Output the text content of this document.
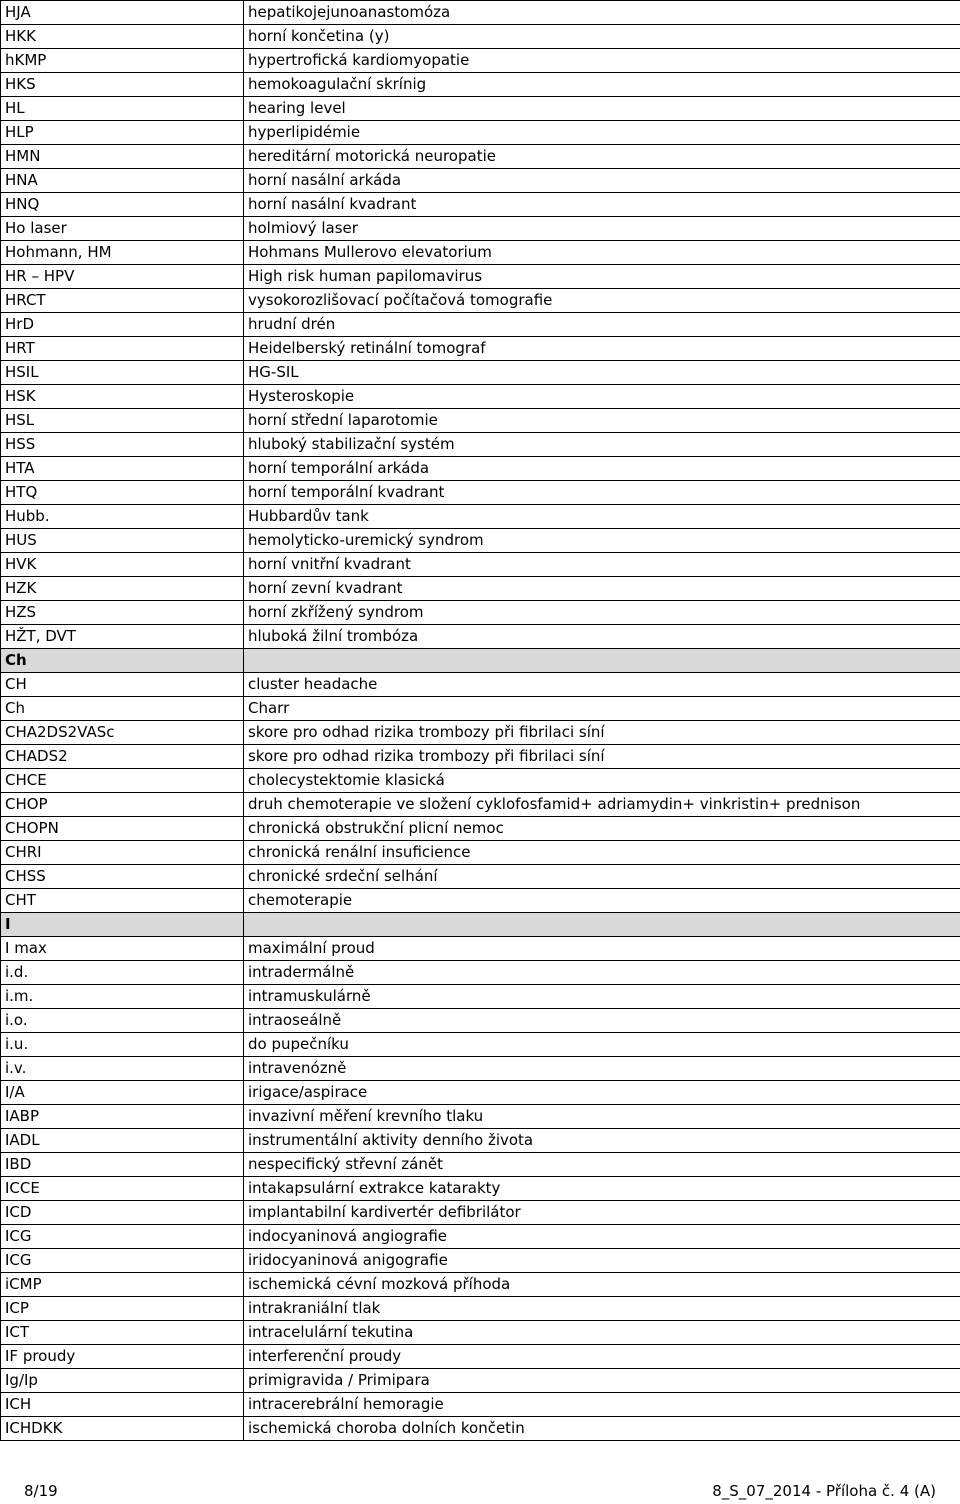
HJA	hepatikojejunoanastomóza
HKK	horní končetina (y)
hKMP	hypertrofická kardiomyopatie
HKS	hemokoagulační skrínig
HL	hearing level
HLP	hyperlipidémie
HMN	hereditární motorická neuropatie
HNA	horní nasální arkáda
HNQ	horní nasální kvadrant
Ho laser	holmiový laser
Hohmann, HM	Hohmans Mullerovo elevatorium
HR – HPV	High risk human papilomavirus
HRCT	vysokorozlišovací počítačová tomografie
HrD	hrudní drén
HRT	Heidelberský retinální tomograf
HSIL	HG-SIL
HSK	Hysteroskopie
HSL	horní střední laparotomie
HSS	hluboký stabilizační systém
HTA	horní temporální arkáda
HTQ	horní temporální kvadrant
Hubb.	Hubbardův tank
HUS	hemolyticko-uremický syndrom
HVK	horní vnitřní kvadrant
HZK	horní zevní kvadrant
HZS	horní zkřížený syndrom
HŽT, DVT	hluboká žilní trombóza
Ch	
CH	cluster headache
Ch	Charr
CHA2DS2VASc	skore pro odhad rizika trombozy při fibrilaci síní
CHADS2	skore pro odhad rizika trombozy při fibrilaci síní
CHCE	cholecystektomie klasická
CHOP	druh chemoterapie ve složení cyklofosfamid+ adriamydin+ vinkristin+ prednison
CHOPN	chronická obstrukční plicní nemoc
CHRI	chronická renální insuficience
CHSS	chronické srdeční selhání
CHT	chemoterapie
I	
I max	maximální proud
i.d.	intradermálně
i.m.	intramuskulárně
i.o.	intraoseálně
i.u.	do pupečníku
i.v.	intravenózně
I/A	irigace/aspirace
IABP	invazivní měření krevního tlaku
IADL	instrumentální aktivity denního života
IBD	nespecifický střevní zánět
ICCE	intakapsulární extrakce katarakty
ICD	implantabilní kardivertér defibrilátor
ICG	indocyaninová angiografie
ICG	iridocyaninová anigografie
iCMP	ischemická cévní mozková příhoda
ICP	intrakraniální tlak
ICT	intracelulární tekutina
IF proudy	interferenční proudy
Ig/Ip	primigravida / Primipara
ICH	intracerebrální hemoragie
ICHDKK	ischemická choroba dolních končetin
8/19	8_S_07_2014 - Příloha č. 4 (A)
